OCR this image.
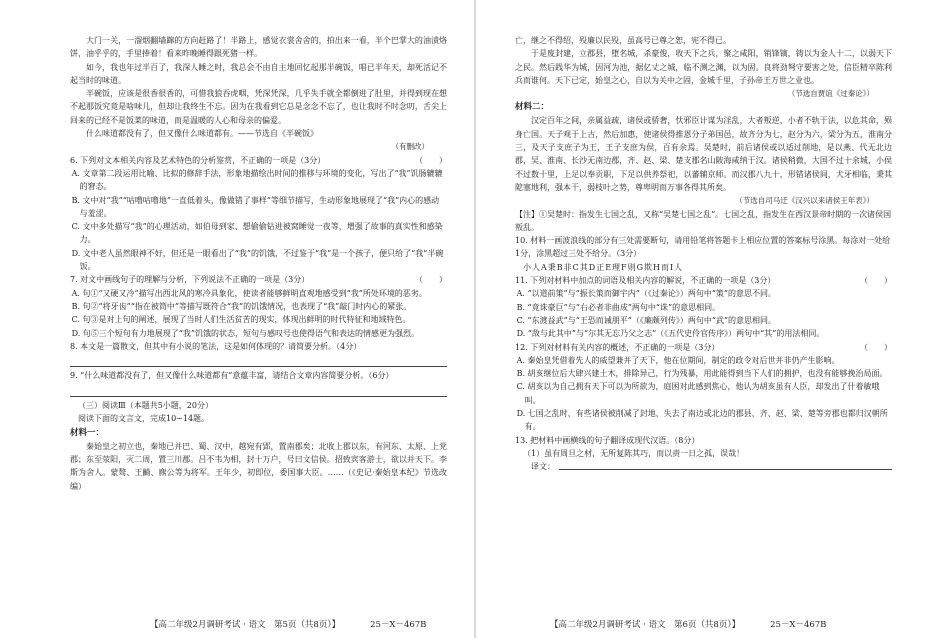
大门一关，一溜烟翻墙蹿的方向赶路了！半路上，感觉衣裳舍舍的，拍出来一看，半个巴掌大的油渍烙饼，油乎乎的，手里捧着！看来昨晚睡得跟死猪一样。

如今，我也年过半百了，我深人睡之时，我总会不由自主地回忆起那半碗饭，唱已半年天，却死活记不起当时的味道。

半碗饭，应该是很香很香的，可惜我狼吞虎咽，凭深凭深，几乎失手就全都倒进了肚里，并得到现在想不起那饭究竟是啥味儿，但却让我终生不忘。因为在我看到它总是念念不忘了，也让我时不时念叨，舌尖上回来的已经不是饭菜的味道，而是温暖的人心和母亲的偏爱。

什么味道都没有了，但又像什么味道都有。——节选自《半碗饭》

（有删改）

6. 下列对文本相关内容及艺术特色的分析鉴赏，不正确的一项是（3分）	（　　）

A. 文章第二段运用比喻、比拟的修辞手法，形象地描绘出时间的推移与环境的变化，写出了“我”饥肠辘辘的窘态。

B. 文中对“我”“咕噜咕噜地”一直低着头，像做错了事样”等细节描写，生动形象地展现了“我”内心的感动与羞涩。

C. 文中多处描写“我”的心理活动，如伯母到家、想偷偷钻进被窝睡觉一夜等，增强了故事的真实性和感染力。

D. 文中老人虽然眼神不好，但还是一眼看出了“我”的饥饿，不过鉴于“我”是一个孩子，便只给了“我”半碗饭。

7. 对文中画线句子的理解与分析，下列说法不正确的一项是（3分）	（　　）

A. 句①“又硬又冷”描写出西北风的寒冷具象化，使读者能够鲜明直观地感受到“我”所处环境的恶劣。

B. 句②“将牙齿”“指在被筒中”等描写既符合“我”的饥饿情况，也表现了“我”敲门时内心的紧张。

C. 句③是对上句的阐述，展现了当时人们生活贫苦的现实，体现出鲜明的时代特征和地域特色。

D. 句⑤三个短句有力地展现了“我”饥饿的状态，短句与感叹号也使得语气和表达的情感更为强烈。

8. 本文是一篇散文，但其中有小说的笔法，这是如何体现的？请简要分析。（4分）

9. “什么味道都没有了，但又像什么味道都有”意蕴丰富，请结合文章内容简要分析。（6分）

（三）阅读Ⅲ（本题共5小题，20分）

阅读下面的文言文，完成10~14题。

材料一：

秦始皇之初立也，秦地已并巴、蜀、汉中，越宛有郢，置南郡矣；北收上郡以东，有河东、太原、上党郡；东至荥阳，灭二周，置三川郡。吕不韦为相，封十万户，号曰文信侯。招致宾客游士，欲以并天下。李斯为舍人。蒙骜、王齮、麃公等为将军。王年少，初即位，委国事大臣。……（《史记·秦始皇本纪》节选改编）

【高二年级2月调研考试 · 语文　第5页（共8页）】	25－X－467B

亡，继之不得绍，殁廉以民殁，虽高号已尊之恕，宪不得已。

于是废封建，立郡县，堕名城，杀豪俊，收天下之兵，聚之咸阳，销锋镝，铸以为金人十二，以弱天下之民。然后践华为城，因河为池，据亿丈之城，临不测之渊，以为固。良将劲弩守要害之处，信臣精卒陈利兵而谁何。天下已定，始皇之心，自以为关中之固，金城千里，子孙帝王万世之业也。

（节选自贾谊《过秦论》）

材料二：

汉定百年之间，亲属益疏，诸侯或骄奢，忕邪臣计谋为淫乱，大者叛逆，小者不轨于法，以危其命，殒身亡国。天子观于上古，然后加惠，使诸侯得推恩分子弟国邑，故齐分为七，赵分为六，梁分为五，淮南分三，及天子支庶子为王，王子支庶为侯，百有余焉。吴楚时，前后诸侯或以适过削地，是以燕、代无北边郡，吴、淮南、长沙无南边郡，齐、赵、梁、楚支郡名山陂海咸纳于汉。诸侯稍微，大国不过十余城，小侯不过数十里，上足以奉贡职，下足以供养祭祀，以蕃辅京师。而汉郡八九十，形错诸侯间，犬牙相临，秉其阸塞地利，强本干，弱枝叶之势，尊卑明而万事各得其所矣。

（节选自司马迁《汉兴以来诸侯王年表》）

【注】①吴楚时：指发生七国之乱，又称“吴楚七国之乱”。七国之乱，指发生在西汉景帝时期的一次诸侯国叛乱。

10. 材料一画波浪线的部分有三处需要断句，请用铅笔将答题卡上相应位置的答案标号涂黑。每涂对一处给1分，涂黑超过三处不给分。（3分）

小人A秉B非C其D正E理F则G欺H而I人

11. 下列对材料中加点的词语及相关内容的解说，不正确的一项是（3分）	（　　）

A. “以道前策”与“振长策而御宇内”（《过秦论》）两句中“策”的意思不同。

B. “竟诛豪巨”与“右必者非曲成”两句中“诛”的意思相同。

C. “东渡益武”与“王恐而诫朋平”（《廉颇列传》）两句中“武”的意思相同。

D. “敌与此其中”与“尔其无忘乃父之志”（《五代史伶官传序》）两句中“其”的用法相同。

12. 下列对材料有关内容的概述，不正确的一项是（3分）	（　　）

A. 秦始皇凭借着先人的威望兼并了天下，他在位期间，制定的政令对后世并非仍产生影响。

B. 胡亥继位后大肆兴建土木，排除异己，行为残暴，用此能得到当下人们的拥护，也没有能够挽治局面。

C. 胡亥以为自己拥有天下可以为所欲为，庭困对此感到焦心，他认为胡亥虽有人臣，却发出了什着敏哦叫。

D. 七国之乱时，有些诸侯被削减了封地，失去了南边或北边的郡县，齐、赵、梁、楚等旁郡也都归汉朝所有。

13. 把材料中画横线的句子翻译成现代汉语。（8分）

（1）虽有周旦之材，无所复陈其巧，而以责一日之孤，误哉！

译文：
【高二年级2月调研考试 · 语文　第6页（共8页）】	25－X－467B
